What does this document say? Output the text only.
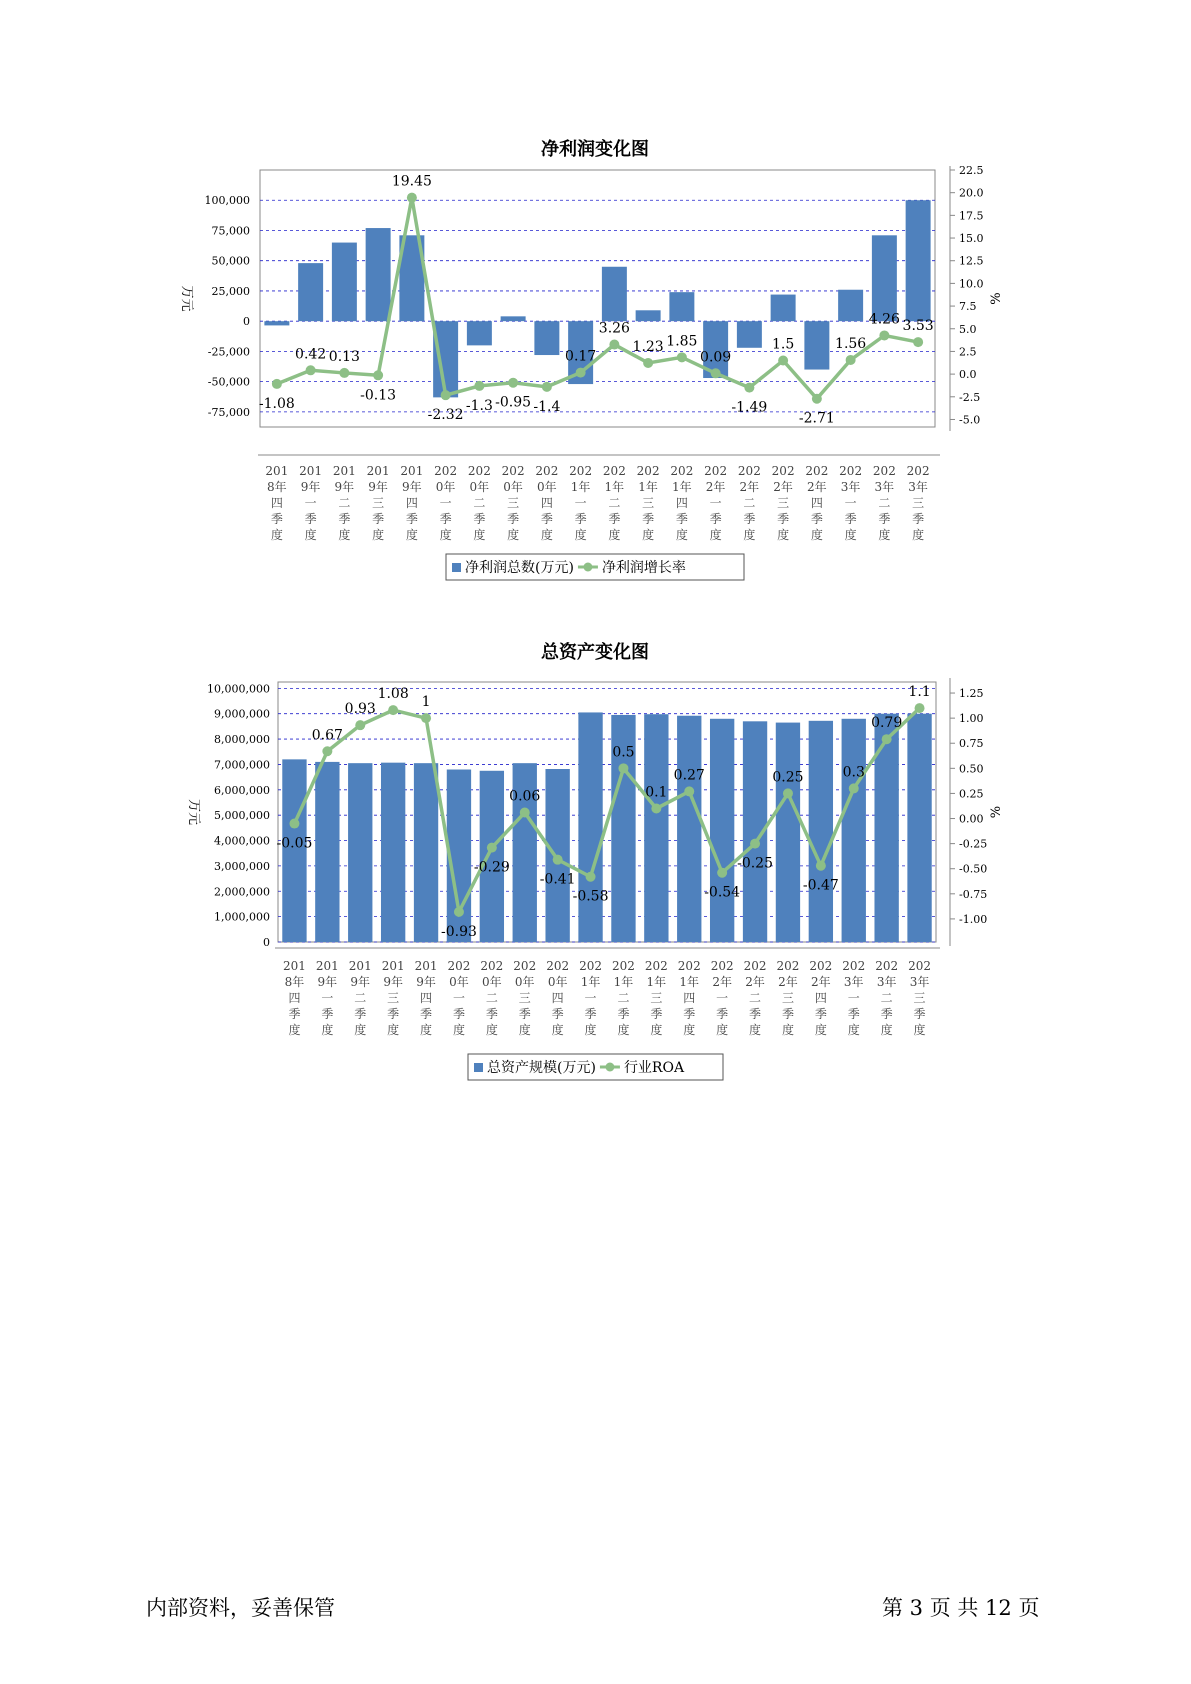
净利润变化图
-75,000
-50,000
-25,000
0
25,000
50,000
75,000
100,000
-5.0
-2.5
0.0
2.5
5.0
7.5
10.0
12.5
15.0
17.5
20.0
22.5
万元	%
-1.08
0.42 0.13
-0.13
19.45
-2.32
-1.3 -0.95 -1.4
0.17
3.26
1.23 1.85
0.09
-1.49
1.5
-2.71
1.56
4.26 3.53
201 8年四季度
201 9年一季度
201 9年二季度
201 9年三季度
201 9年四季度
202 0年一季度
202 0年二季度
202 0年三季度
202 0年四季度
202 1年一季度
202 1年二季度
202 1年三季度
202 1年四季度
202 2年一季度
202 2年二季度
202 2年三季度
202 2年四季度
202 3年一季度
202 3年二季度
202 3年三季度
净利润总数(万元) 净利润增长率
总资产变化图
0
1,000,000
2,000,000
3,000,000
4,000,000
5,000,000
6,000,000
7,000,000
8,000,000
9,000,000
10,000,000
-1.00
-0.75
-0.50
-0.25
0.00
0.25
0.50
0.75
1.00
1.25
万元	%
-0.05
0.67
0.93
1.08
1
-0.93
-0.29
0.06
-0.41
-0.58
0.5
0.1
0.27
-0.54
-0.25
0.25
-0.47
0.3
0.79
1.1
201 8年四季度
201 9年一季度
201 9年二季度
201 9年三季度
201 9年四季度
202 0年一季度
202 0年二季度
202 0年三季度
202 0年四季度
202 1年一季度
202 1年二季度
202 1年三季度
202 1年四季度
202 2年一季度
202 2年二季度
202 2年三季度
202 2年四季度
202 3年一季度
202 3年二季度
202 3年三季度
总资产规模(万元) 行业ROA
内部资料，妥善保管	第 3 页 共 12 页
